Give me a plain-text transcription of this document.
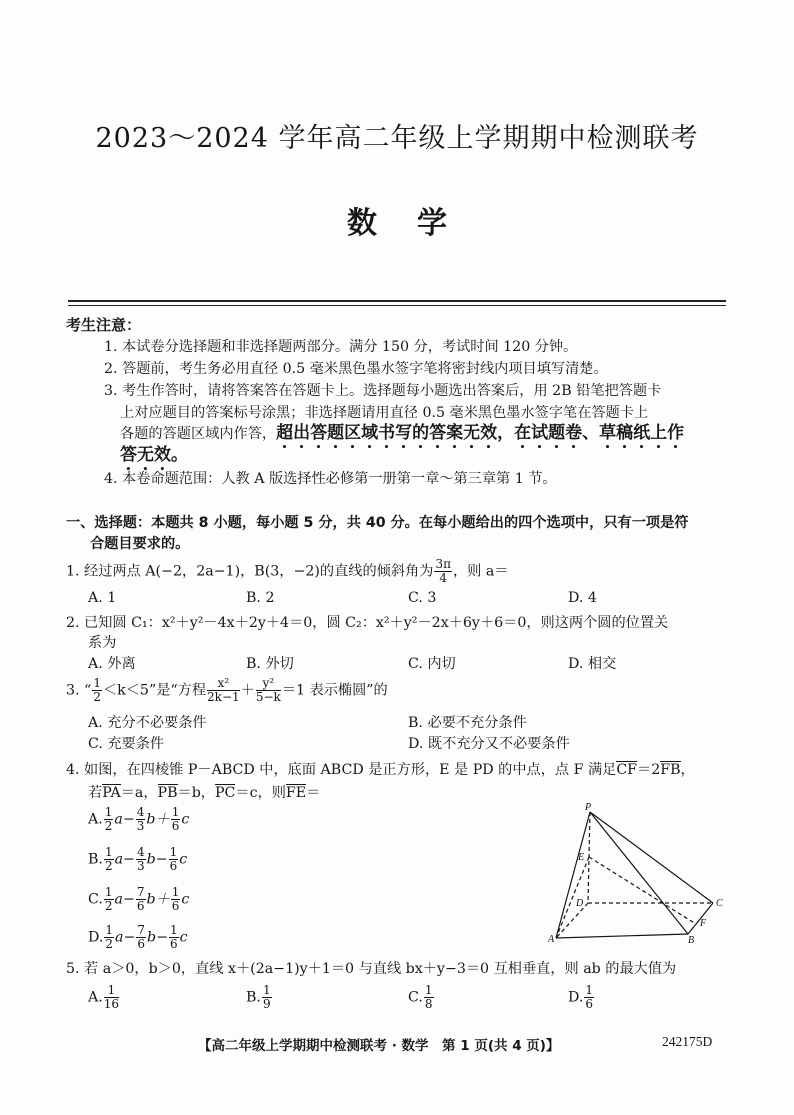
2023～2024 学年高二年级上学期期中检测联考
数学
考生注意：
1. 本试卷分选择题和非选择题两部分。满分 150 分，考试时间 120 分钟。
2. 答题前，考生务必用直径 0.5 毫米黑色墨水签字笔将密封线内项目填写清楚。
3. 考生作答时，请将答案答在答题卡上。选择题每小题选出答案后，用 2B 铅笔把答题卡
上对应题目的答案标号涂黑；非选择题请用直径 0.5 毫米黑色墨水签字笔在答题卡上
各题的答题区域内作答，超出答题区域书写的答案无效，在试题卷、草稿纸上作
答无效。
4. 本卷命题范围：人教 A 版选择性必修第一册第一章～第三章第 1 节。
一、选择题：本题共 8 小题，每小题 5 分，共 40 分。在每小题给出的四个选项中，只有一项是符
合题目要求的。
1. 经过两点 A(−2，2a−1)，B(3，−2)的直线的倾斜角为 $\frac{3\pi}{4}$ ，则 a＝
A. 1	B. 2	C. 3	D. 4
2. 已知圆 C₁：x²＋y²－4x＋2y＋4＝0，圆 C₂：x²＋y²－2x＋6y＋6＝0，则这两个圆的位置关
系为
A. 外离	B. 外切	C. 内切	D. 相交
3. “ $\frac{1}{2} <k<5$”是“方程 $\frac{\text{x²}}{2k-1} + \frac{\text{y²}}{5-k} =1$ 表示椭圆”的
A. 充分不必要条件	B. 必要不充分条件
C. 充要条件	D. 既不充分又不必要条件
4. 如图，在四棱锥 P－ABCD 中，底面 ABCD 是正方形，E 是 PD 的中点，点 F 满足CF＝2FB，
若PA＝a，PB＝b，PC＝c，则FE＝
A. $\frac{1}{2} a- \frac{4}{3} b+ \frac{1}{6}$ c
B. $\frac{1}{2} a- \frac{4}{3} b- \frac{1}{6}$ c
C. $\frac{1}{2} a- \frac{7}{6} b+ \frac{1}{6}$ c
D. $\frac{1}{2} a- \frac{7}{6} b- \frac{1}{6}$ c
P
E
D	C
A	B
F
5. 若 a＞0，b＞0，直线 x＋(2a−1)y＋1＝0 与直线 bx＋y−3＝0 互相垂直，则 ab 的最大值为
A. $\frac{1}{16}$	B. $\frac{1}{9}$	C. $\frac{1}{8}$	D. $\frac{1}{6}$
【高二年级上学期期中检测联考 · 数学　第 1 页(共 4 页)】	242175D
